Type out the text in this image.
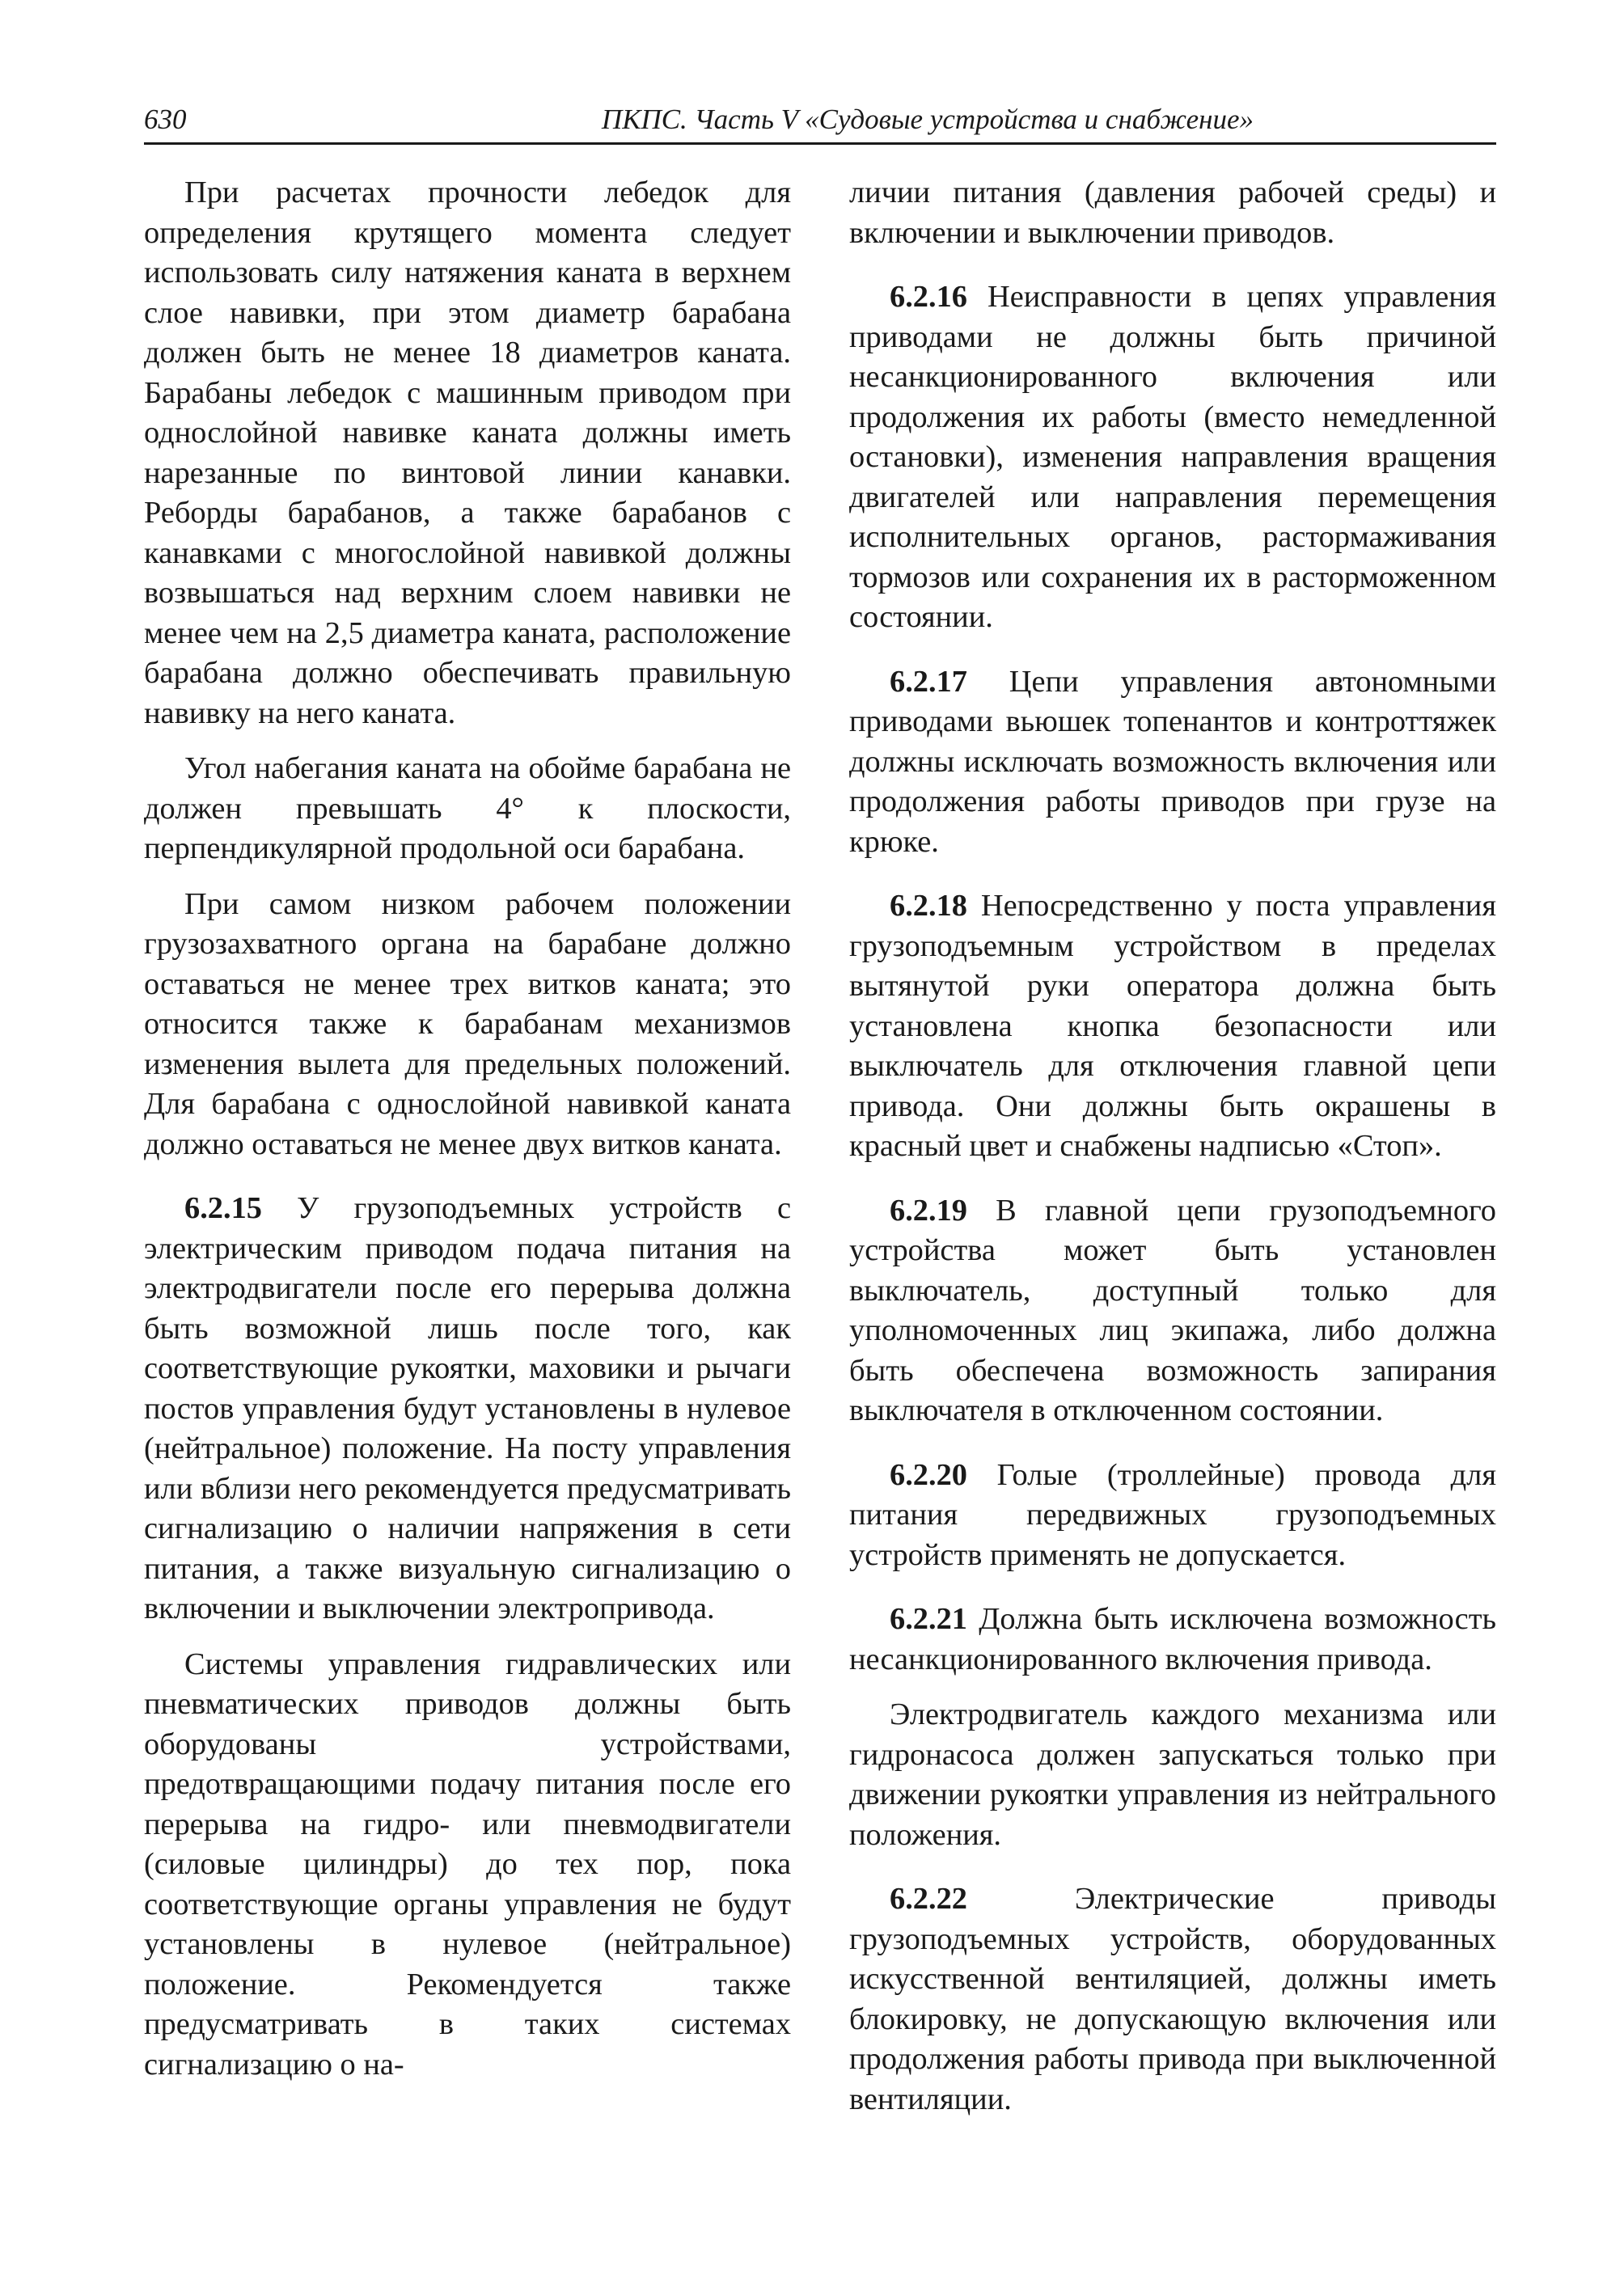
630	ПКПС. Часть V «Судовые устройства и снабжение»

При расчетах прочности лебедок для определения крутящего момента следует использовать силу натяжения каната в верхнем слое навивки, при этом диаметр барабана должен быть не менее 18 диаметров каната. Барабаны лебедок с машинным приводом при однослойной навивке каната должны иметь нарезанные по винтовой линии канавки. Реборды барабанов, а также барабанов с канавками с многослойной навивкой должны возвышаться над верхним слоем навивки не менее чем на 2,5 диаметра каната, расположение барабана должно обеспечивать правильную навивку на него каната.

Угол набегания каната на обойме барабана не должен превышать 4° к плоскости, перпендикулярной продольной оси барабана.

При самом низком рабочем положении грузозахватного органа на барабане должно оставаться не менее трех витков каната; это относится также к барабанам механизмов изменения вылета для предельных положений. Для барабана с однослойной навивкой каната должно оставаться не менее двух витков каната.

6.2.15 У грузоподъемных устройств с электрическим приводом подача питания на электродвигатели после его перерыва должна быть возможной лишь после того, как соответствующие рукоятки, маховики и рычаги постов управления будут установлены в нулевое (нейтральное) положение. На посту управления или вблизи него рекомендуется предусматривать сигнализацию о наличии напряжения в сети питания, а также визуальную сигнализацию о включении и выключении электропривода.

Системы управления гидравлических или пневматических приводов должны быть оборудованы устройствами, предотвращающими подачу питания после его перерыва на гидро- или пневмодвигатели (силовые цилиндры) до тех пор, пока соответствующие органы управления не будут установлены в нулевое (нейтральное) положение. Рекомендуется также предусматривать в таких системах сигнализацию о на-

личии питания (давления рабочей среды) и включении и выключении приводов.

6.2.16 Неисправности в цепях управления приводами не должны быть причиной несанкционированного включения или продолжения их работы (вместо немедленной остановки), изменения направления вращения двигателей или направления перемещения исполнительных органов, растормаживания тормозов или сохранения их в расторможенном состоянии.

6.2.17 Цепи управления автономными приводами вьюшек топенантов и контроттяжек должны исключать возможность включения или продолжения работы приводов при грузе на крюке.

6.2.18 Непосредственно у поста управления грузоподъемным устройством в пределах вытянутой руки оператора должна быть установлена кнопка безопасности или выключатель для отключения главной цепи привода. Они должны быть окрашены в красный цвет и снабжены надписью «Стоп».

6.2.19 В главной цепи грузоподъемного устройства может быть установлен выключатель, доступный только для уполномоченных лиц экипажа, либо должна быть обеспечена возможность запирания выключателя в отключенном состоянии.

6.2.20 Голые (троллейные) провода для питания передвижных грузоподъемных устройств применять не допускается.

6.2.21 Должна быть исключена возможность несанкционированного включения привода.

Электродвигатель каждого механизма или гидронасоса должен запускаться только при движении рукоятки управления из нейтрального положения.

6.2.22 Электрические приводы грузоподъемных устройств, оборудованных искусственной вентиляцией, должны иметь блокировку, не допускающую включения или продолжения работы привода при выключенной вентиляции.
